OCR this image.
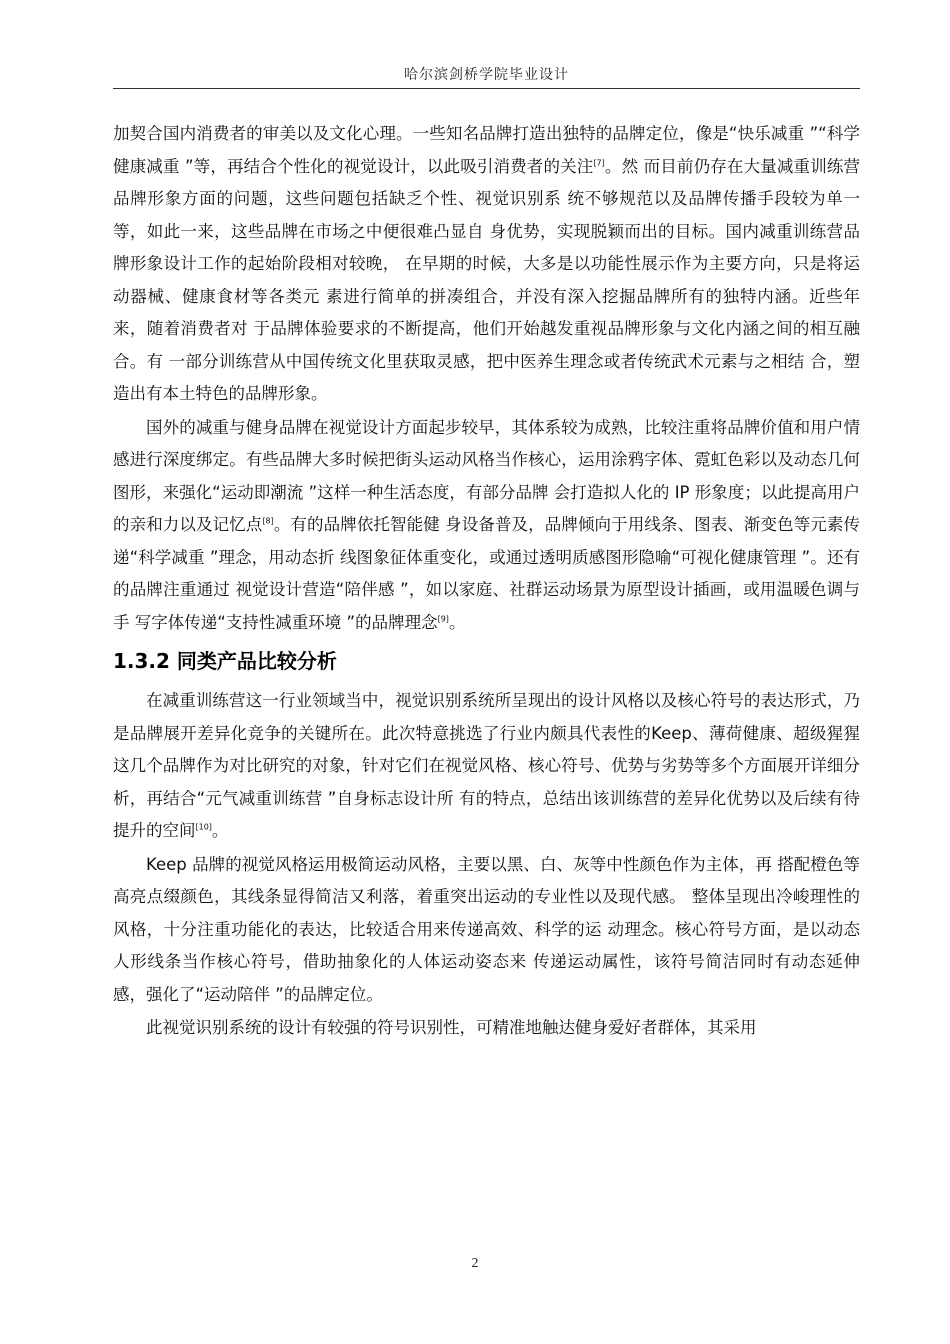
哈尔滨剑桥学院毕业设计

加契合国内消费者的审美以及文化心理。一些知名品牌打造出独特的品牌定位，像是“快乐减重 ”“科学健康减重 ”等，再结合个性化的视觉设计，以此吸引消费者的关注[7]。然 而目前仍存在大量减重训练营品牌形象方面的问题，这些问题包括缺乏个性、视觉识别系 统不够规范以及品牌传播手段较为单一等，如此一来，这些品牌在市场之中便很难凸显自 身优势，实现脱颖而出的目标。国内减重训练营品牌形象设计工作的起始阶段相对较晚， 在早期的时候，大多是以功能性展示作为主要方向，只是将运动器械、健康食材等各类元 素进行简单的拼凑组合，并没有深入挖掘品牌所有的独特内涵。近些年来，随着消费者对 于品牌体验要求的不断提高，他们开始越发重视品牌形象与文化内涵之间的相互融合。有 一部分训练营从中国传统文化里获取灵感，把中医养生理念或者传统武术元素与之相结 合，塑造出有本土特色的品牌形象。

国外的减重与健身品牌在视觉设计方面起步较早，其体系较为成熟，比较注重将品牌价值和用户情感进行深度绑定。有些品牌大多时候把街头运动风格当作核心，运用涂鸦字体、霓虹色彩以及动态几何图形，来强化“运动即潮流 ”这样一种生活态度，有部分品牌 会打造拟人化的 IP 形象度；以此提高用户的亲和力以及记忆点[8]。有的品牌依托智能健 身设备普及，品牌倾向于用线条、图表、渐变色等元素传递“科学减重 ”理念，用动态折 线图象征体重变化，或通过透明质感图形隐喻“可视化健康管理 ”。还有的品牌注重通过 视觉设计营造“陪伴感 ”，如以家庭、社群运动场景为原型设计插画，或用温暖色调与手 写字体传递“支持性减重环境 ”的品牌理念[9]。

1.3.2 同类产品比较分析

在减重训练营这一行业领域当中，视觉识别系统所呈现出的设计风格以及核心符号的表达形式，乃是品牌展开差异化竞争的关键所在。此次特意挑选了行业内颇具代表性的Keep、薄荷健康、超级猩猩这几个品牌作为对比研究的对象，针对它们在视觉风格、核心符号、优势与劣势等多个方面展开详细分析，再结合“元气减重训练营 ”自身标志设计所 有的特点，总结出该训练营的差异化优势以及后续有待提升的空间[10]。

Keep 品牌的视觉风格运用极简运动风格，主要以黑、白、灰等中性颜色作为主体，再 搭配橙色等高亮点缀颜色，其线条显得简洁又利落，着重突出运动的专业性以及现代感。 整体呈现出冷峻理性的风格，十分注重功能化的表达，比较适合用来传递高效、科学的运 动理念。核心符号方面，是以动态人形线条当作核心符号，借助抽象化的人体运动姿态来 传递运动属性，该符号简洁同时有动态延伸感，强化了“运动陪伴 ”的品牌定位。

此视觉识别系统的设计有较强的符号识别性，可精准地触达健身爱好者群体，其采用

2
